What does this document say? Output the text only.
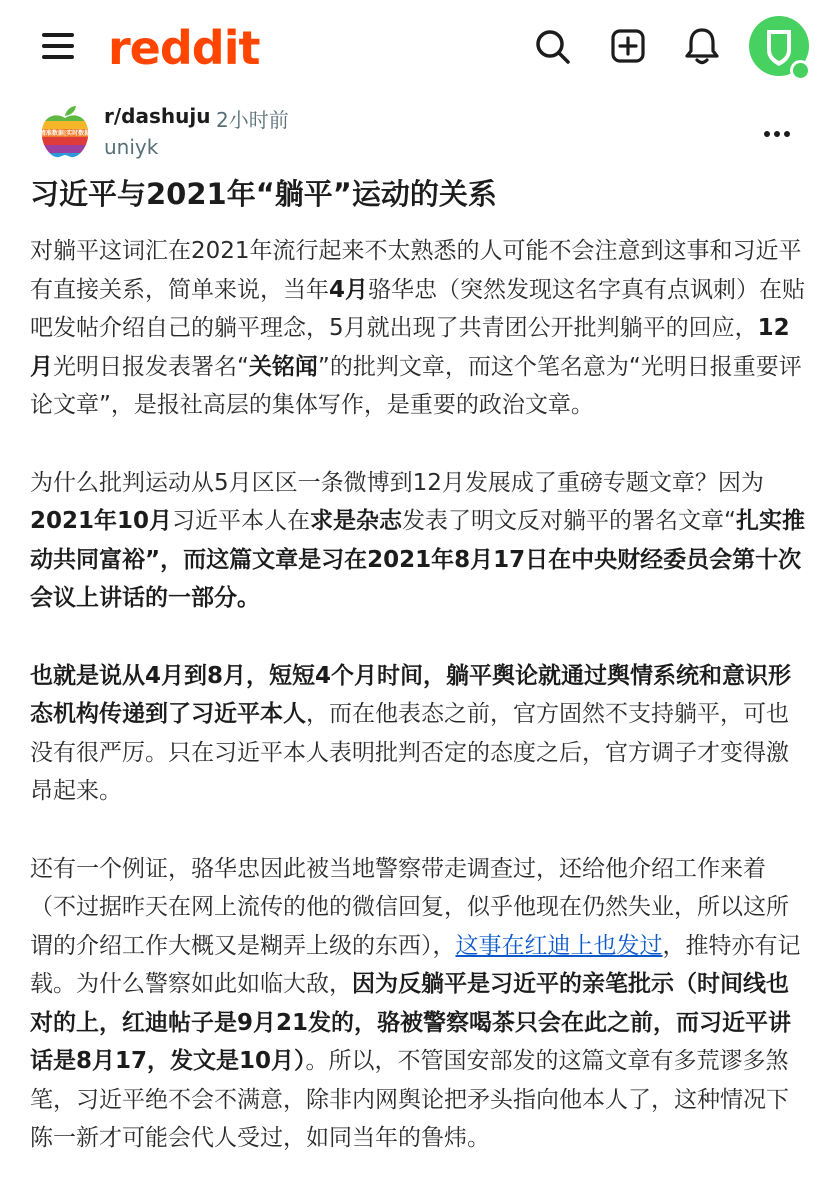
reddit
精准数据|实时数据
r/dashuju 2小时前
uniyk
习近平与2021年“躺平”运动的关系

对躺平这词汇在2021年流行起来不太熟悉的人可能不会注意到这事和习近平有直接关系，简单来说，当年4月骆华忠（突然发现这名字真有点讽刺）在贴吧发帖介绍自己的躺平理念，5月就出现了共青团公开批判躺平的回应，12月光明日报发表署名“关铭闻”的批判文章，而这个笔名意为“光明日报重要评论文章”，是报社高层的集体写作，是重要的政治文章。

为什么批判运动从5月区区一条微博到12月发展成了重磅专题文章？因为2021年10月习近平本人在求是杂志发表了明文反对躺平的署名文章“扎实推动共同富裕”，而这篇文章是习在2021年8月17日在中央财经委员会第十次会议上讲话的一部分。

也就是说从4月到8月，短短4个月时间，躺平舆论就通过舆情系统和意识形态机构传递到了习近平本人，而在他表态之前，官方固然不支持躺平，可也没有很严厉。只在习近平本人表明批判否定的态度之后，官方调子才变得激昂起来。

还有一个例证，骆华忠因此被当地警察带走调查过，还给他介绍工作来着（不过据昨天在网上流传的他的微信回复，似乎他现在仍然失业，所以这所谓的介绍工作大概又是糊弄上级的东西），这事在红迪上也发过，推特亦有记载。为什么警察如此如临大敌，因为反躺平是习近平的亲笔批示（时间线也对的上，红迪帖子是9月21发的，骆被警察喝茶只会在此之前，而习近平讲话是8月17，发文是10月）。所以，不管国安部发的这篇文章有多荒谬多煞笔，习近平绝不会不满意，除非内网舆论把矛头指向他本人了，这种情况下陈一新才可能会代人受过，如同当年的鲁炜。
